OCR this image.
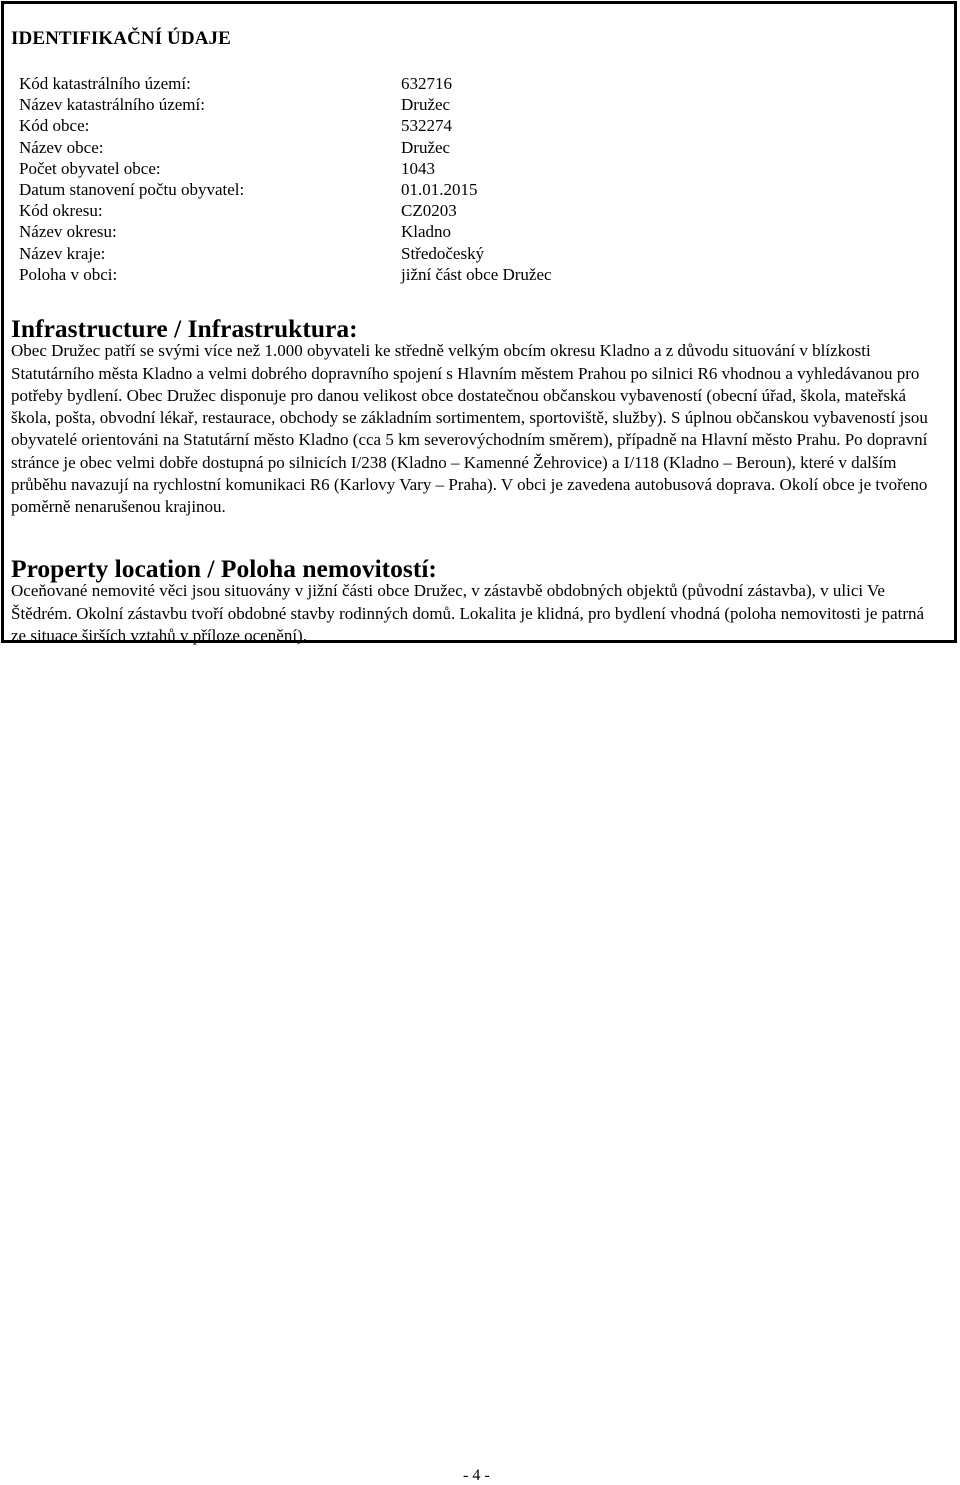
IDENTIFIKAČNÍ ÚDAJE
Kód katastrálního území:	632716
Název katastrálního území:	Družec
Kód obce:	532274
Název obce:	Družec
Počet obyvatel obce:	1043
Datum stanovení počtu obyvatel:	01.01.2015
Kód okresu:	CZ0203
Název okresu:	Kladno
Název kraje:	Středočeský
Poloha v obci:	jižní část obce Družec
Infrastructure / Infrastruktura:

Obec Družec patří se svými více než 1.000 obyvateli ke středně velkým obcím okresu Kladno a z důvodu situování v blízkosti Statutárního města Kladno a velmi dobrého dopravního spojení s Hlavním městem Prahou po silnici R6 vhodnou a vyhledávanou pro potřeby bydlení. Obec Družec disponuje pro danou velikost obce dostatečnou občanskou vybaveností (obecní úřad, škola, mateřská škola, pošta, obvodní lékař, restaurace, obchody se základním sortimentem, sportoviště, služby). S úplnou občanskou vybaveností jsou obyvatelé orientováni na Statutární město Kladno (cca 5 km severovýchodním směrem), případně na Hlavní město Prahu. Po dopravní stránce je obec velmi dobře dostupná po silnicích I/238 (Kladno – Kamenné Žehrovice) a I/118 (Kladno – Beroun), které v dalším průběhu navazují na rychlostní komunikaci R6 (Karlovy Vary – Praha). V obci je zavedena autobusová doprava. Okolí obce je tvořeno poměrně nenarušenou krajinou.

Property location / Poloha nemovitostí:

Oceňované nemovité věci jsou situovány v jižní části obce Družec, v zástavbě obdobných objektů (původní zástavba), v ulici Ve Štědrém. Okolní zástavbu tvoří obdobné stavby rodinných domů. Lokalita je klidná, pro bydlení vhodná (poloha nemovitosti je patrná ze situace širších vztahů v příloze ocenění).

- 4 -
